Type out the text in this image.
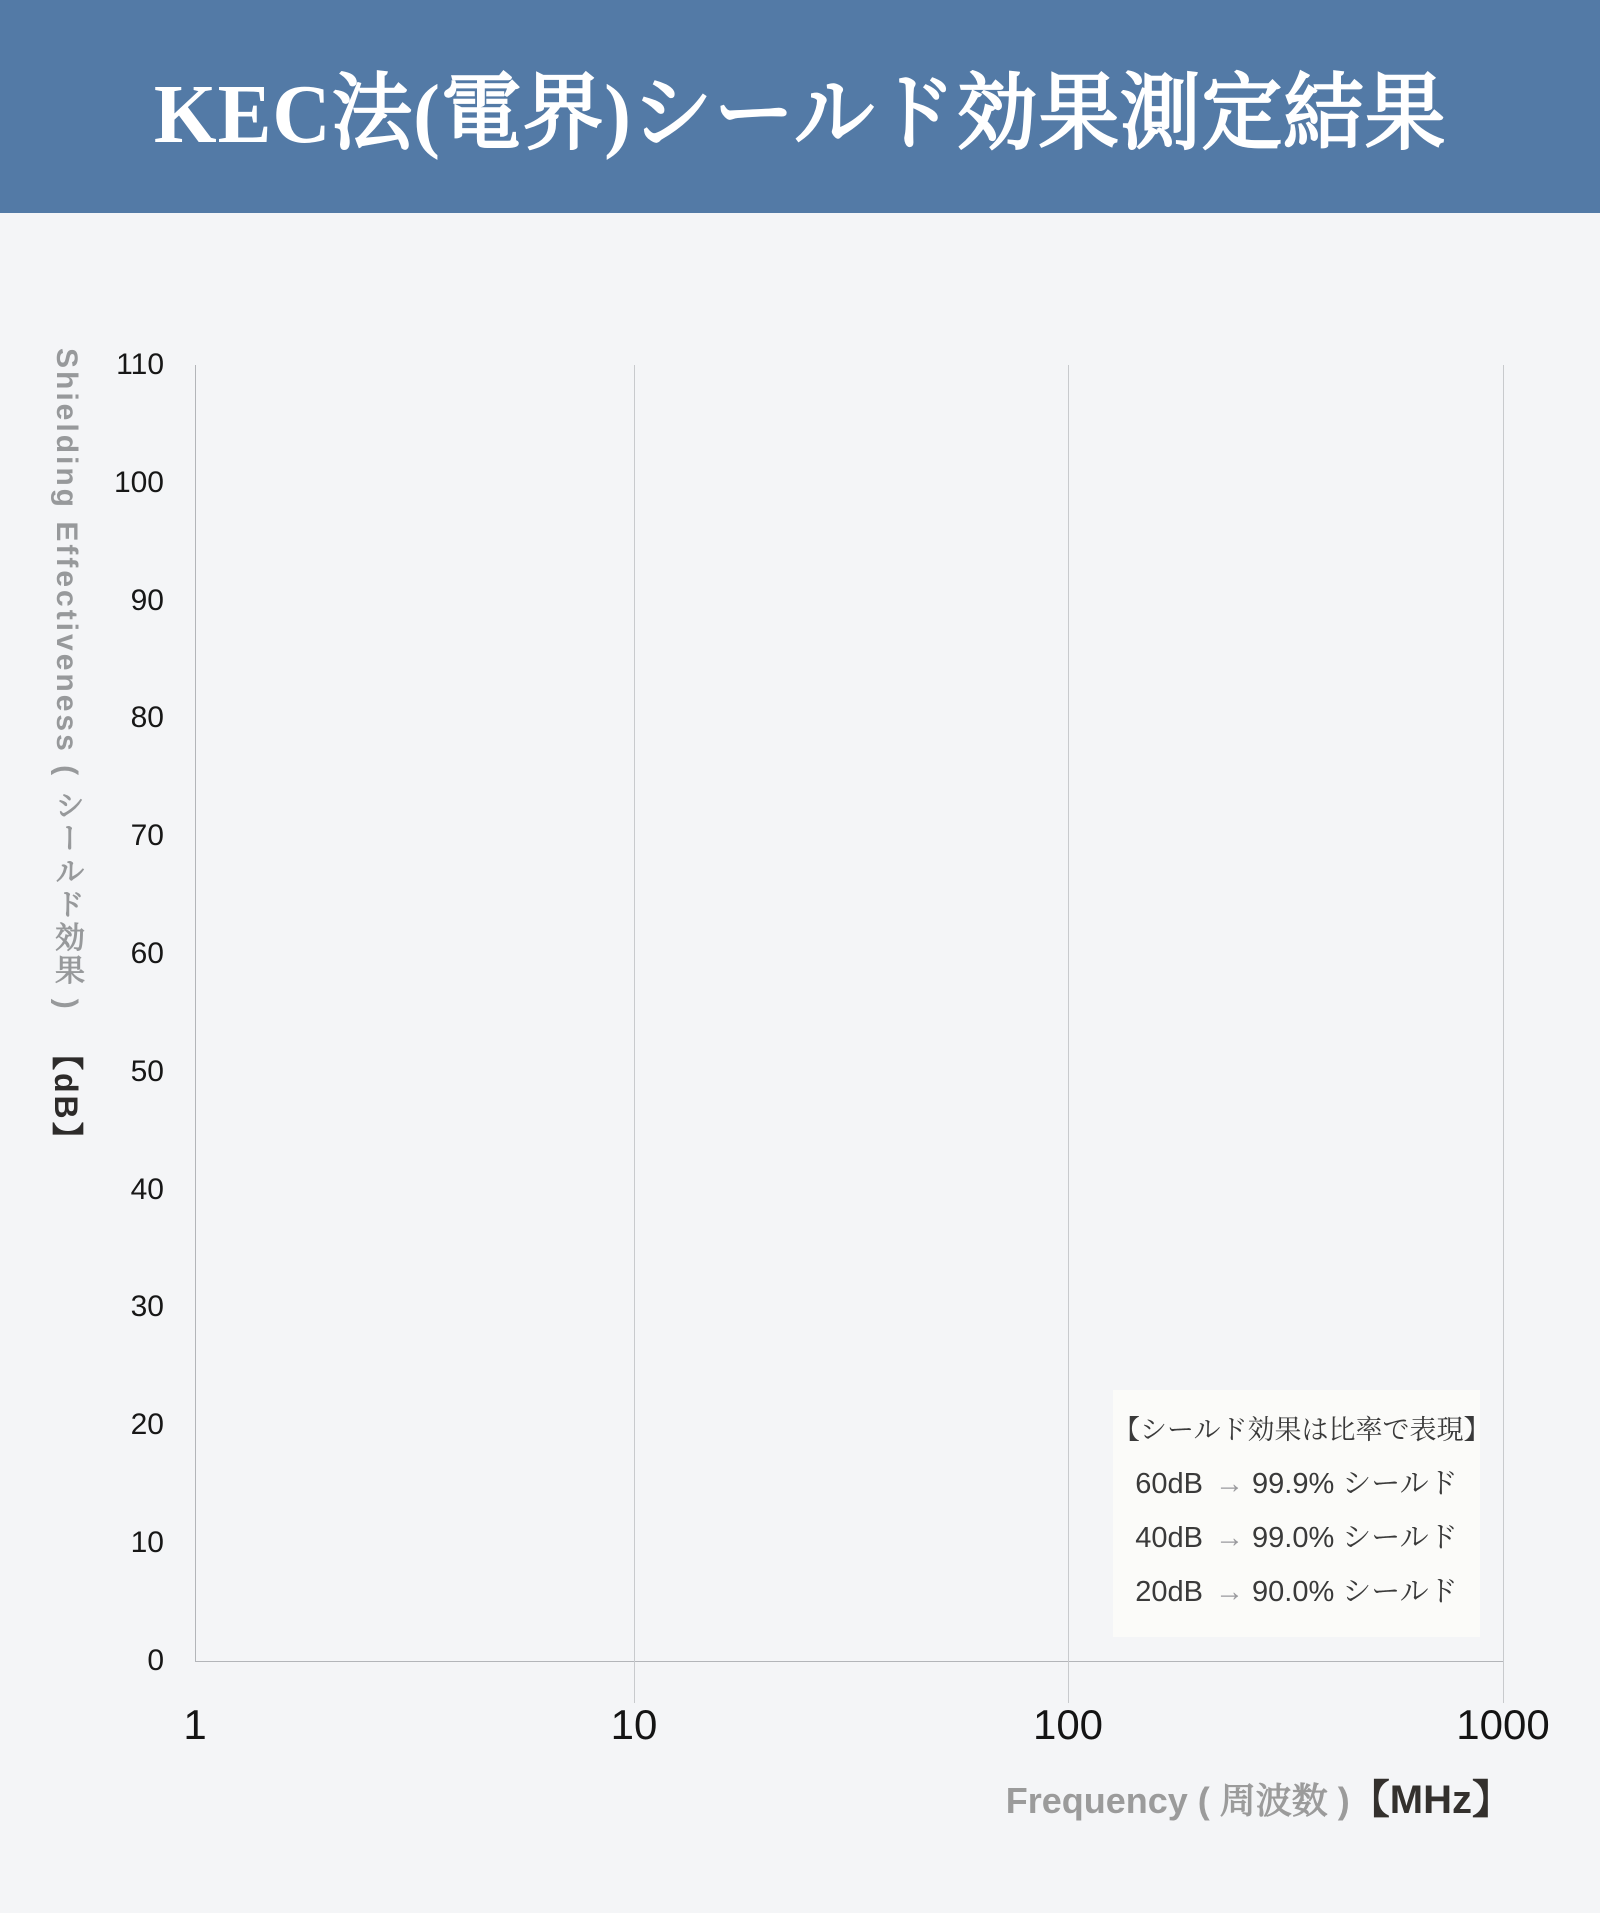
KEC法(電界)シールド効果測定結果
Shielding Effectiveness ( シールド効果 )【dB】
110
100
90
80
70
60
50
40
30
20
10
0
1	10	100	1000
Frequency ( 周波数 )【MHz】
【シールド効果は比率で表現】
60dB → 99.9% シールド
40dB → 99.0% シールド
20dB → 90.0% シールド
